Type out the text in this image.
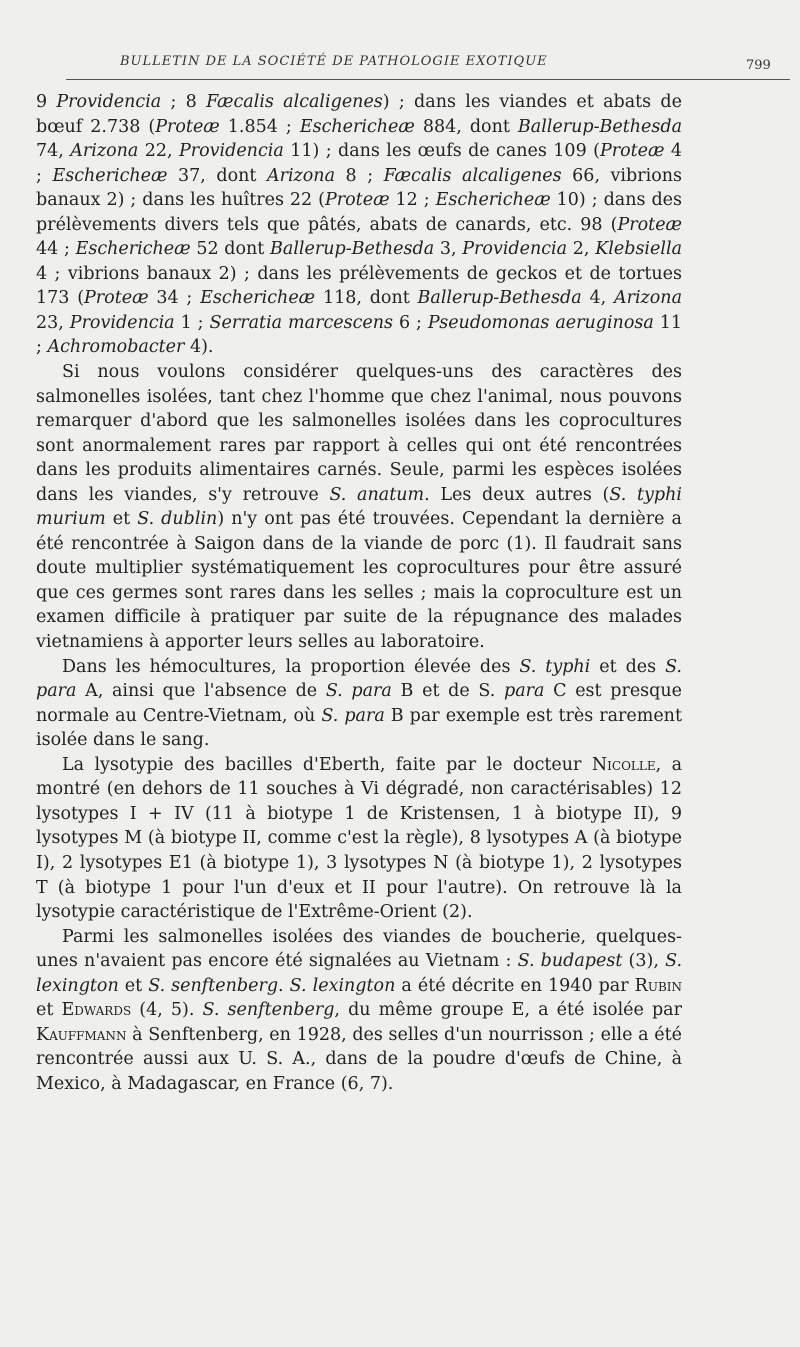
BULLETIN DE LA SOCIÉTÉ DE PATHOLOGIE EXOTIQUE	799

9 Providencia ; 8 Fæcalis alcaligenes) ; dans les viandes et abats de bœuf 2.738 (Proteæ 1.854 ; Escherichеæ 884, dont Ballerup-Bethesda 74, Arizona 22, Providencia 11) ; dans les œufs de canes 109 (Proteæ 4 ; Escherichеæ 37, dont Arizona 8 ; Fæcalis alcaligenes 66, vibrions banaux 2) ; dans les huîtres 22 (Proteæ 12 ; Escherichеæ 10) ; dans des prélèvements divers tels que pâtés, abats de canards, etc. 98 (Proteæ 44 ; Escherichеæ 52 dont Ballerup-Bethesda 3, Providencia 2, Klebsiella 4 ; vibrions banaux 2) ; dans les prélèvements de geckos et de tortues 173 (Proteæ 34 ; Escherichеæ 118, dont Ballerup-Bethesda 4, Arizona 23, Providencia 1 ; Serratia marcescens 6 ; Pseudomonas aeruginosa 11 ; Achromobacter 4).

Si nous voulons considérer quelques-uns des caractères des salmonelles isolées, tant chez l'homme que chez l'animal, nous pouvons remarquer d'abord que les salmonelles isolées dans les coprocultures sont anormalement rares par rapport à celles qui ont été rencontrées dans les produits alimentaires carnés. Seule, parmi les espèces isolées dans les viandes, s'y retrouve S. anatum. Les deux autres (S. typhi murium et S. dublin) n'y ont pas été trouvées. Cependant la dernière a été rencontrée à Saigon dans de la viande de porc (1). Il faudrait sans doute multiplier systématiquement les coprocultures pour être assuré que ces germes sont rares dans les selles ; mais la coproculture est un examen difficile à pratiquer par suite de la répugnance des malades vietnamiens à apporter leurs selles au laboratoire.

Dans les hémocultures, la proportion élevée des S. typhi et des S. para A, ainsi que l'absence de S. para B et de S. para C est presque normale au Centre-Vietnam, où S. para B par exemple est très rarement isolée dans le sang.

La lysotypie des bacilles d'Eberth, faite par le docteur Nicolle, a montré (en dehors de 11 souches à Vi dégradé, non caractérisables) 12 lysotypes I + IV (11 à biotype 1 de Kristensen, 1 à biotype II), 9 lysotypes M (à biotype II, comme c'est la règle), 8 lysotypes A (à biotype I), 2 lysotypes E1 (à biotype 1), 3 lysotypes N (à biotype 1), 2 lysotypes T (à biotype 1 pour l'un d'eux et II pour l'autre). On retrouve là la lysotypie caractéristique de l'Extrême-Orient (2).

Parmi les salmonelles isolées des viandes de boucherie, quelques-unes n'avaient pas encore été signalées au Vietnam : S. budapest (3), S. lexington et S. senftenberg. S. lexington a été décrite en 1940 par Rubin et Edwards (4, 5). S. senftenberg, du même groupe E, a été isolée par Kauffmann à Senftenberg, en 1928, des selles d'un nourrisson ; elle a été rencontrée aussi aux U. S. A., dans de la poudre d'œufs de Chine, à Mexico, à Madagascar, en France (6, 7).
